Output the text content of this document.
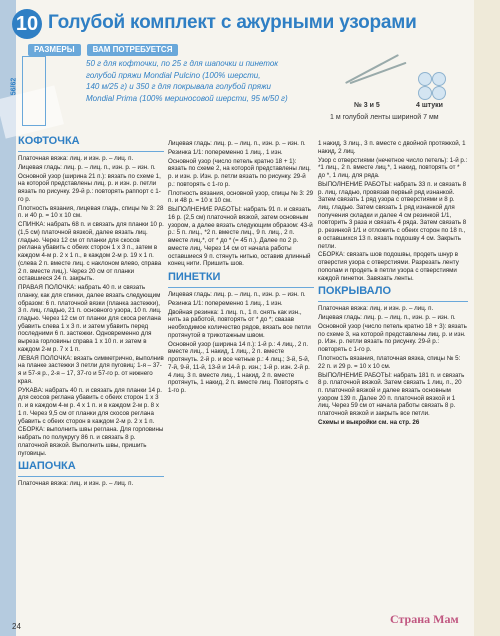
10 Голубой комплект с ажурными узорами
РАЗМЕРЫ	ВАМ ПОТРЕБУЕТСЯ
56/62
50 г для кофточки, по 25 г для шапочки и пинеток
голубой пряжи Mondial Pulcino (100% шерсти,
140 м/25 г) и 350 г для покрывала голубой пряжи
Mondial Prima (100% мериносовой шерсти, 95 м/50 г)
№ 3 и 5	4 штуки
1 м голубой ленты шириной 7 мм
КОФТОЧКА

Платочная вязка: лиц. и изн. р. – лиц. п.

Лицевая гладь: лиц. р. – лиц. п., изн. р. – изн. п.

Основной узор (ширина 21 п.): вязать по схеме 1, на которой представлены лиц. р. и изн. р. петли вязать по рисунку. 29-й р.: повторять раппорт с 1-го р.

Плотность вязания, лицевая гладь, спицы № 3: 28 п. и 40 р. = 10 х 10 см.

СПИНКА: набрать 68 п. и связать для планки 10 р. (1,5 см) платочной вязкой, далее вязать лиц. гладью. Через 12 см от планки для скосов реглана убавить с обеих сторон 1 х 3 п., затем в каждом 4-м р. 2 х 1 п., в каждом 2-м р. 19 х 1 п. (слева 2 п. вместе лиц. с наклоном влево, справа 2 п. вместе лиц.). Через 20 см от планки оставшиеся 24 п. закрыть.

ПРАВАЯ ПОЛОЧКА: набрать 40 п. и связать планку, как для спинки, далее вязать следующим образом: 6 п. платочной вязки (планка застежки), 3 п. лиц. гладью, 21 п. основного узора, 10 п. лиц. гладью. Через 12 см от планки для скоса реглана убавить слева 1 х 3 п. и затем убавить перед последними 6 п. застежки. Одновременно для выреза горловины справа 1 х 10 п. и затем в каждом 2-м р. 7 х 1 п.

ЛЕВАЯ ПОЛОЧКА: вязать симметрично, выполнив на планке застежки 3 петли для пуговиц: 1-я – 37-я и 57-я р., 2-я – 17, 37-го и 57-го р. от нижнего края.

РУКАВА: набрать 40 п. и связать для планки 14 р. для скосов реглана убавить с обеих сторон 1 х 3 п. и в каждом 4-м р. 4 х 1 п. и в каждом 2-м р. 8 х 1 п. Через 9,5 см от планки для скосов реглана убавить с обеих сторон в каждом 2-м р. 2 х 1 п.

СБОРКА: выполнить швы реглана. Для горловины набрать по полукругу 86 п. и связать 8 р. платочной вязкой. Выполнить швы, пришить пуговицы.

ШАПОЧКА

Платочная вязка: лиц. и изн. р. – лиц. п.

Лицевая гладь: лиц. р. – лиц. п., изн. р. – изн. п.

Резинка 1/1: попеременно 1 лиц., 1 изн.

Основной узор (число петель кратно 18 + 1): вязать по схеме 2, на которой представлены лиц. р. и изн. р. Изн. р. петли вязать по рисунку. 29-й р.: повторять с 1-го р.

Плотность вязания, основной узор, спицы № 3: 29 п. и 48 р. = 10 х 10 см.

ВЫПОЛНЕНИЕ РАБОТЫ: набрать 91 п. и связать 16 р. (2,5 см) платочной вязкой, затем основным узором, а далее вязать следующим образом: 43-й р.: 5 п. лиц., *2 п. вместе лиц., 9 п. лиц., 2 п. вместе лиц.*, от * до * (= 45 п.). Далее по 2 р. вместе лиц. Через 14 см от начала работы оставшиеся 9 п. стянуть нитью, оставив длинный конец нити. Пришить шов.

ПИНЕТКИ

Лицевая гладь: лиц. р. – лиц. п., изн. р. – изн. п.

Резинка 1/1: попеременно 1 лиц., 1 изн.

Двойная резинка: 1 лиц. п., 1 п. снять как изн., нить за работой, повторять от * до *; свазав необходимое количество рядов, вязать все петли протянутой в трикотажным швом.

Основной узор (ширина 14 п.): 1-й р.: 4 лиц., 2 п. вместе лиц., 1 накид, 1 лиц., 2 п. вместе протянуть. 2-й р. и все четные р.: 4 лиц.; 3-й, 5-й, 7-й, 9-й, 11-й, 13-й и 14-й р. изн.; 1-й р. изн. 2-й р. 4 лиц. 3 п. вместе лиц., 1 накид, 2 п. вместе протянуть, 1 накид, 2 п. вместе лиц. Повторять с 1-го р.

1 накид, 3 лиц., 3 п. вместе с двойной протяжкой, 1 накид, 2 лиц.

Узор с отверстиями (нечетное число петель): 1-й р.: *1 лиц., 2 п. вместе лиц.*, 1 накид, повторять от * до *, 1 лиц. для ряда.

ВЫПОЛНЕНИЕ РАБОТЫ: набрать 33 п. и связать 8 р. лиц. гладью, провязав первый ряд изнанкой. Затем связать 1 ряд узора с отверстиями и 8 р. лиц. гладью. Затем связать 1 ряд изнанкой для получения складки и далее 4 см резинкой 1/1, повторить 3 раза и связать 4 ряда. Затем связать 8 р. резинкой 1/1 и отложить с обеих сторон по 18 п., в оставшихся 13 п. вязать подошву 4 см. Закрыть петли.

СБОРКА: связать шов подошвы, продеть шнур в отверстия узора с отверстиями. Разрезать ленту пополам и продеть в петли узора с отверстиями каждой пинетки. Завязать ленты.

ПОКРЫВАЛО

Платочная вязка: лиц. и изн. р. – лиц. п.

Лицевая гладь: лиц. р. – лиц. п., изн. р. – изн. п.

Основной узор (число петель кратно 18 + 3): вязать по схеме 3, на которой представлены лиц. р. и изн. р. Изн. р. петли вязать по рисунку. 29-й р.: повторять с 1-го р.

Плотность вязания, платочная вязка, спицы № 5: 22 п. и 29 р. = 10 х 10 см.

ВЫПОЛНЕНИЕ РАБОТЫ: набрать 181 п. и связать 8 р. платочной вязкой. Затем связать 1 лиц. п., 20 п. платочной вязкой и далее вязать основным узором 139 п. Далее 20 п. платочной вязкой и 1 лиц. Через 59 см от начала работы связать 8 р. платочной вязкой и закрыть все петли.

Схемы и выкройки см. на стр. 26

24
Страна Мам
